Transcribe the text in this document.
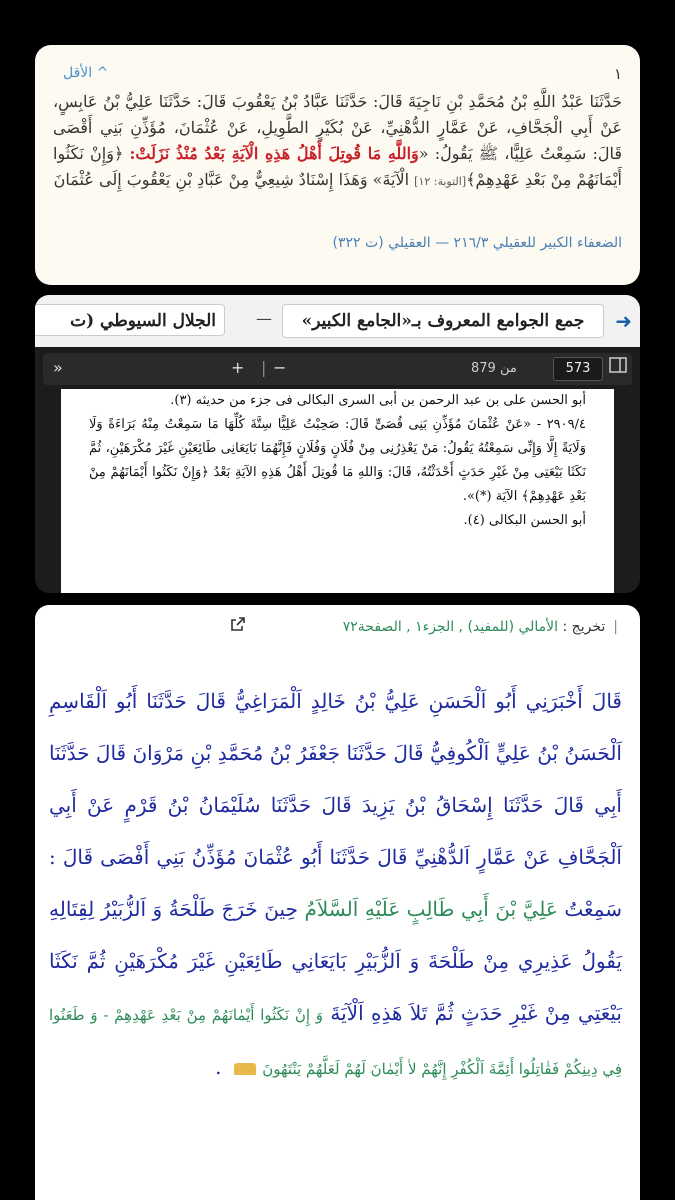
١
الأقل ^
حَدَّثَنَا عَبْدُ اللَّهِ بْنُ مُحَمَّدِ بْنِ نَاجِيَةَ قَالَ: حَدَّثَنَا عَبَّادُ بْنُ يَعْقُوبَ قَالَ: حَدَّثَنَا عَلِيُّ بْنُ عَابِسٍ، عَنْ أَبِي الْجَحَّافِ، عَنْ عَمَّارٍ الدُّهْنِيِّ، عَنْ بُكَيْرٍ الطَّوِيلِ، عَنْ عُثْمَانَ، مُؤَذِّنِ بَنِي أَقْصَى قَالَ: سَمِعْتُ عَلِيًّا، ﷺ يَقُولُ: «وَاللَّهِ مَا قُوتِلَ أَهْلُ هَذِهِ الْآيَةِ بَعْدُ مُنْذُ نَزَلَتْ: ﴿وَإِنْ نَكَثُوا أَيْمَانَهُمْ مِنْ بَعْدِ عَهْدِهِمْ﴾[التوبة: ١٢] الْآيَةَ» وَهَذَا إِسْنَادٌ شِيعِيٌّ مِنْ عَبَّادِ بْنِ يَعْقُوبَ إِلَى عُثْمَانَ
الضعفاء الكبير للعقيلي ٢١٦/٣ — العقيلي (ت ٣٢٢)
➜
جمع الجوامع المعروف بـ«الجامع الكبير»
—
الجلال السيوطي (ت
»	+ | −	من 879	573
أبو الحسن على بن عبد الرحمن بن أبى السرى البكالى فى جزء من حديثه (٣).
٢٩٠٩/٤ - «عَنْ عُثْمَانَ مُؤَذِّنِ بَنِى قُصَىٍّ قَالَ: صَحِبْتُ عَلِيًّا سِتَّةَ كُلِّهَا مَا سَمِعْتُ مِنْهُ بَرَاءَةً وَلَا وَلَايَةً إِلَّا وَإِنِّى سَمِعْتُهُ يَقُولُ: مَنْ يَعْذِرُنِى مِنْ فُلَانٍ وَفُلَانٍ فَإِنَّهُمَا بَايَعَانِى طَائِعَيْنِ غَيْرَ مُكْرَهَيْنِ، ثُمَّ نَكَثَا بَيْعَتِى مِنْ غَيْرِ حَدَثٍ أَحْدَثْتُهُ، قَالَ: وَاللهِ مَا قُوتِلَ أَهْلُ هَذِهِ الآيَةِ بَعْدُ ﴿وَإِنْ نَكَثُوا أَيْمَانَهُمْ مِنْ بَعْدِ عَهْدِهِمْ﴾ الآيَة (*)».
أبو الحسن البكالى (٤).
|تخريج : الأمالي (للمفيد) , الجزء١ , الصفحة٧٢
قَالَ أَخْبَرَنِي أَبُو اَلْحَسَنِ عَلِيُّ بْنُ خَالِدٍ اَلْمَرَاغِيُّ قَالَ حَدَّثَنَا أَبُو اَلْقَاسِمِ اَلْحَسَنُ بْنُ عَلِيٍّ اَلْكُوفِيُّ قَالَ حَدَّثَنَا جَعْفَرُ بْنُ مُحَمَّدِ بْنِ مَرْوَانَ قَالَ حَدَّثَنَا أَبِي قَالَ حَدَّثَنَا إِسْحَاقُ بْنُ يَزِيدَ قَالَ حَدَّثَنَا سُلَيْمَانُ بْنُ قَرْمٍ عَنْ أَبِي اَلْجَحَّافِ عَنْ عَمَّارٍ اَلدُّهْنِيِّ قَالَ حَدَّثَنَا أَبُو عُثْمَانَ مُؤَذِّنُ بَنِي أَفْصَى قَالَ : سَمِعْتُ عَلِيَّ بْنَ أَبِي طَالِبٍ عَلَيْهِ اَلسَّلاَمُ حِينَ خَرَجَ طَلْحَةُ وَ اَلزُّبَيْرُ لِقِتَالِهِ يَقُولُ عَذِيرِي مِنْ طَلْحَةَ وَ اَلزُّبَيْرِ بَايَعَانِي طَائِعَيْنِ غَيْرَ مُكْرَهَيْنِ ثُمَّ نَكَثَا بَيْعَتِي مِنْ غَيْرِ حَدَثٍ ثُمَّ تَلاَ هَذِهِ اَلْآيَةَ وَ إِنْ نَكَثُوا أَيْمٰانَهُمْ مِنْ بَعْدِ عَهْدِهِمْ - وَ طَعَنُوا فِي دِينِكُمْ فَقٰاتِلُوا أَئِمَّةَ اَلْكُفْرِ إِنَّهُمْ لاٰ أَيْمٰانَ لَهُمْ لَعَلَّهُمْ يَنْتَهُونَ  .
